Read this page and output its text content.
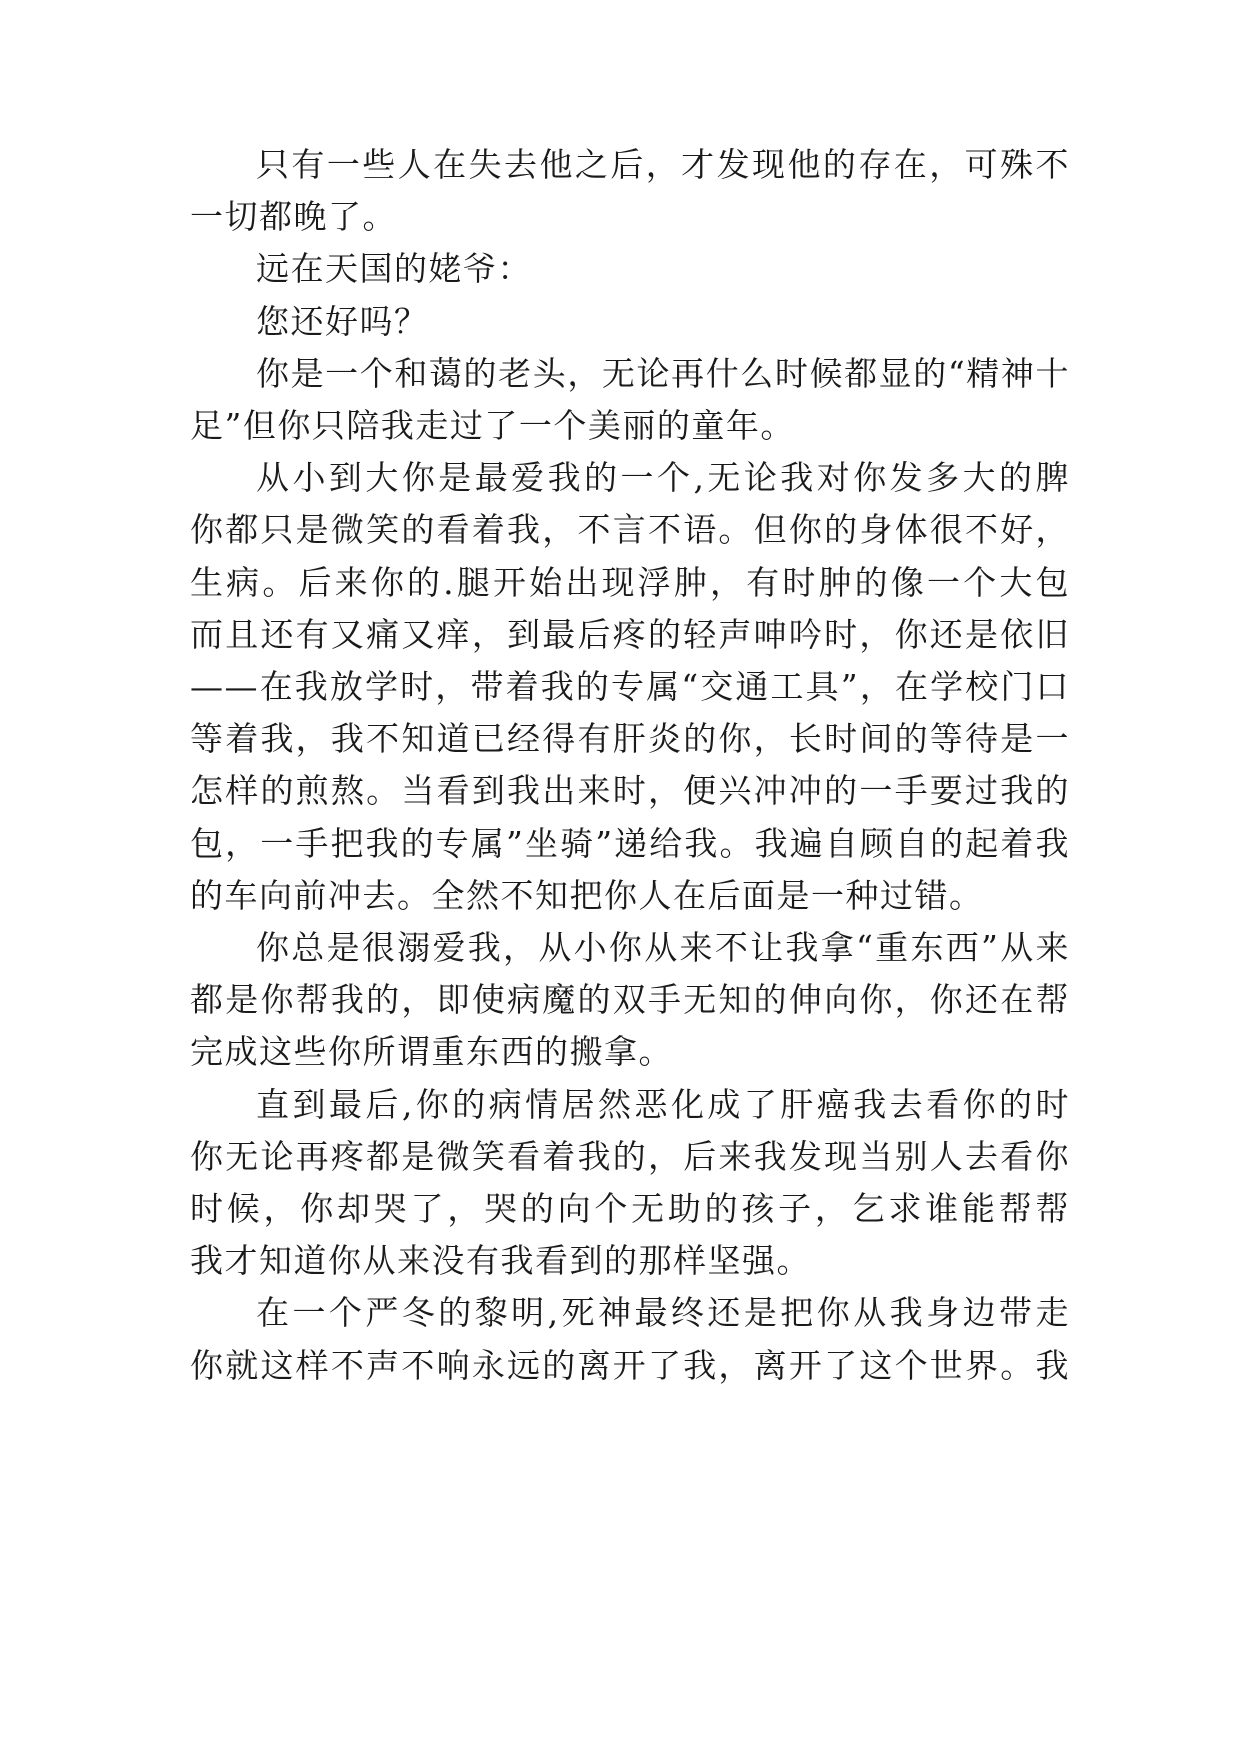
只有一些人在失去他之后，才发现他的存在，可殊不
一切都晚了。
远在天国的姥爷：
您还好吗？
你是一个和蔼的老头，无论再什么时候都显的“精神十
足”但你只陪我走过了一个美丽的童年。
从小到大你是最爱我的一个,无论我对你发多大的脾
你都只是微笑的看着我，不言不语。但你的身体很不好，
生病。后来你的.腿开始出现浮肿，有时肿的像一个大包
而且还有又痛又痒，到最后疼的轻声呻吟时，你还是依旧
——在我放学时，带着我的专属“交通工具”，在学校门口
等着我，我不知道已经得有肝炎的你，长时间的等待是一
怎样的煎熬。当看到我出来时，便兴冲冲的一手要过我的
包，一手把我的专属”坐骑”递给我。我遍自顾自的起着我
的车向前冲去。全然不知把你人在后面是一种过错。
你总是很溺爱我，从小你从来不让我拿“重东西”从来
都是你帮我的，即使病魔的双手无知的伸向你，你还在帮
完成这些你所谓重东西的搬拿。
直到最后,你的病情居然恶化成了肝癌我去看你的时
你无论再疼都是微笑看着我的，后来我发现当别人去看你
时候，你却哭了，哭的向个无助的孩子，乞求谁能帮帮
我才知道你从来没有我看到的那样坚强。
在一个严冬的黎明,死神最终还是把你从我身边带走
你就这样不声不响永远的离开了我，离开了这个世界。我
